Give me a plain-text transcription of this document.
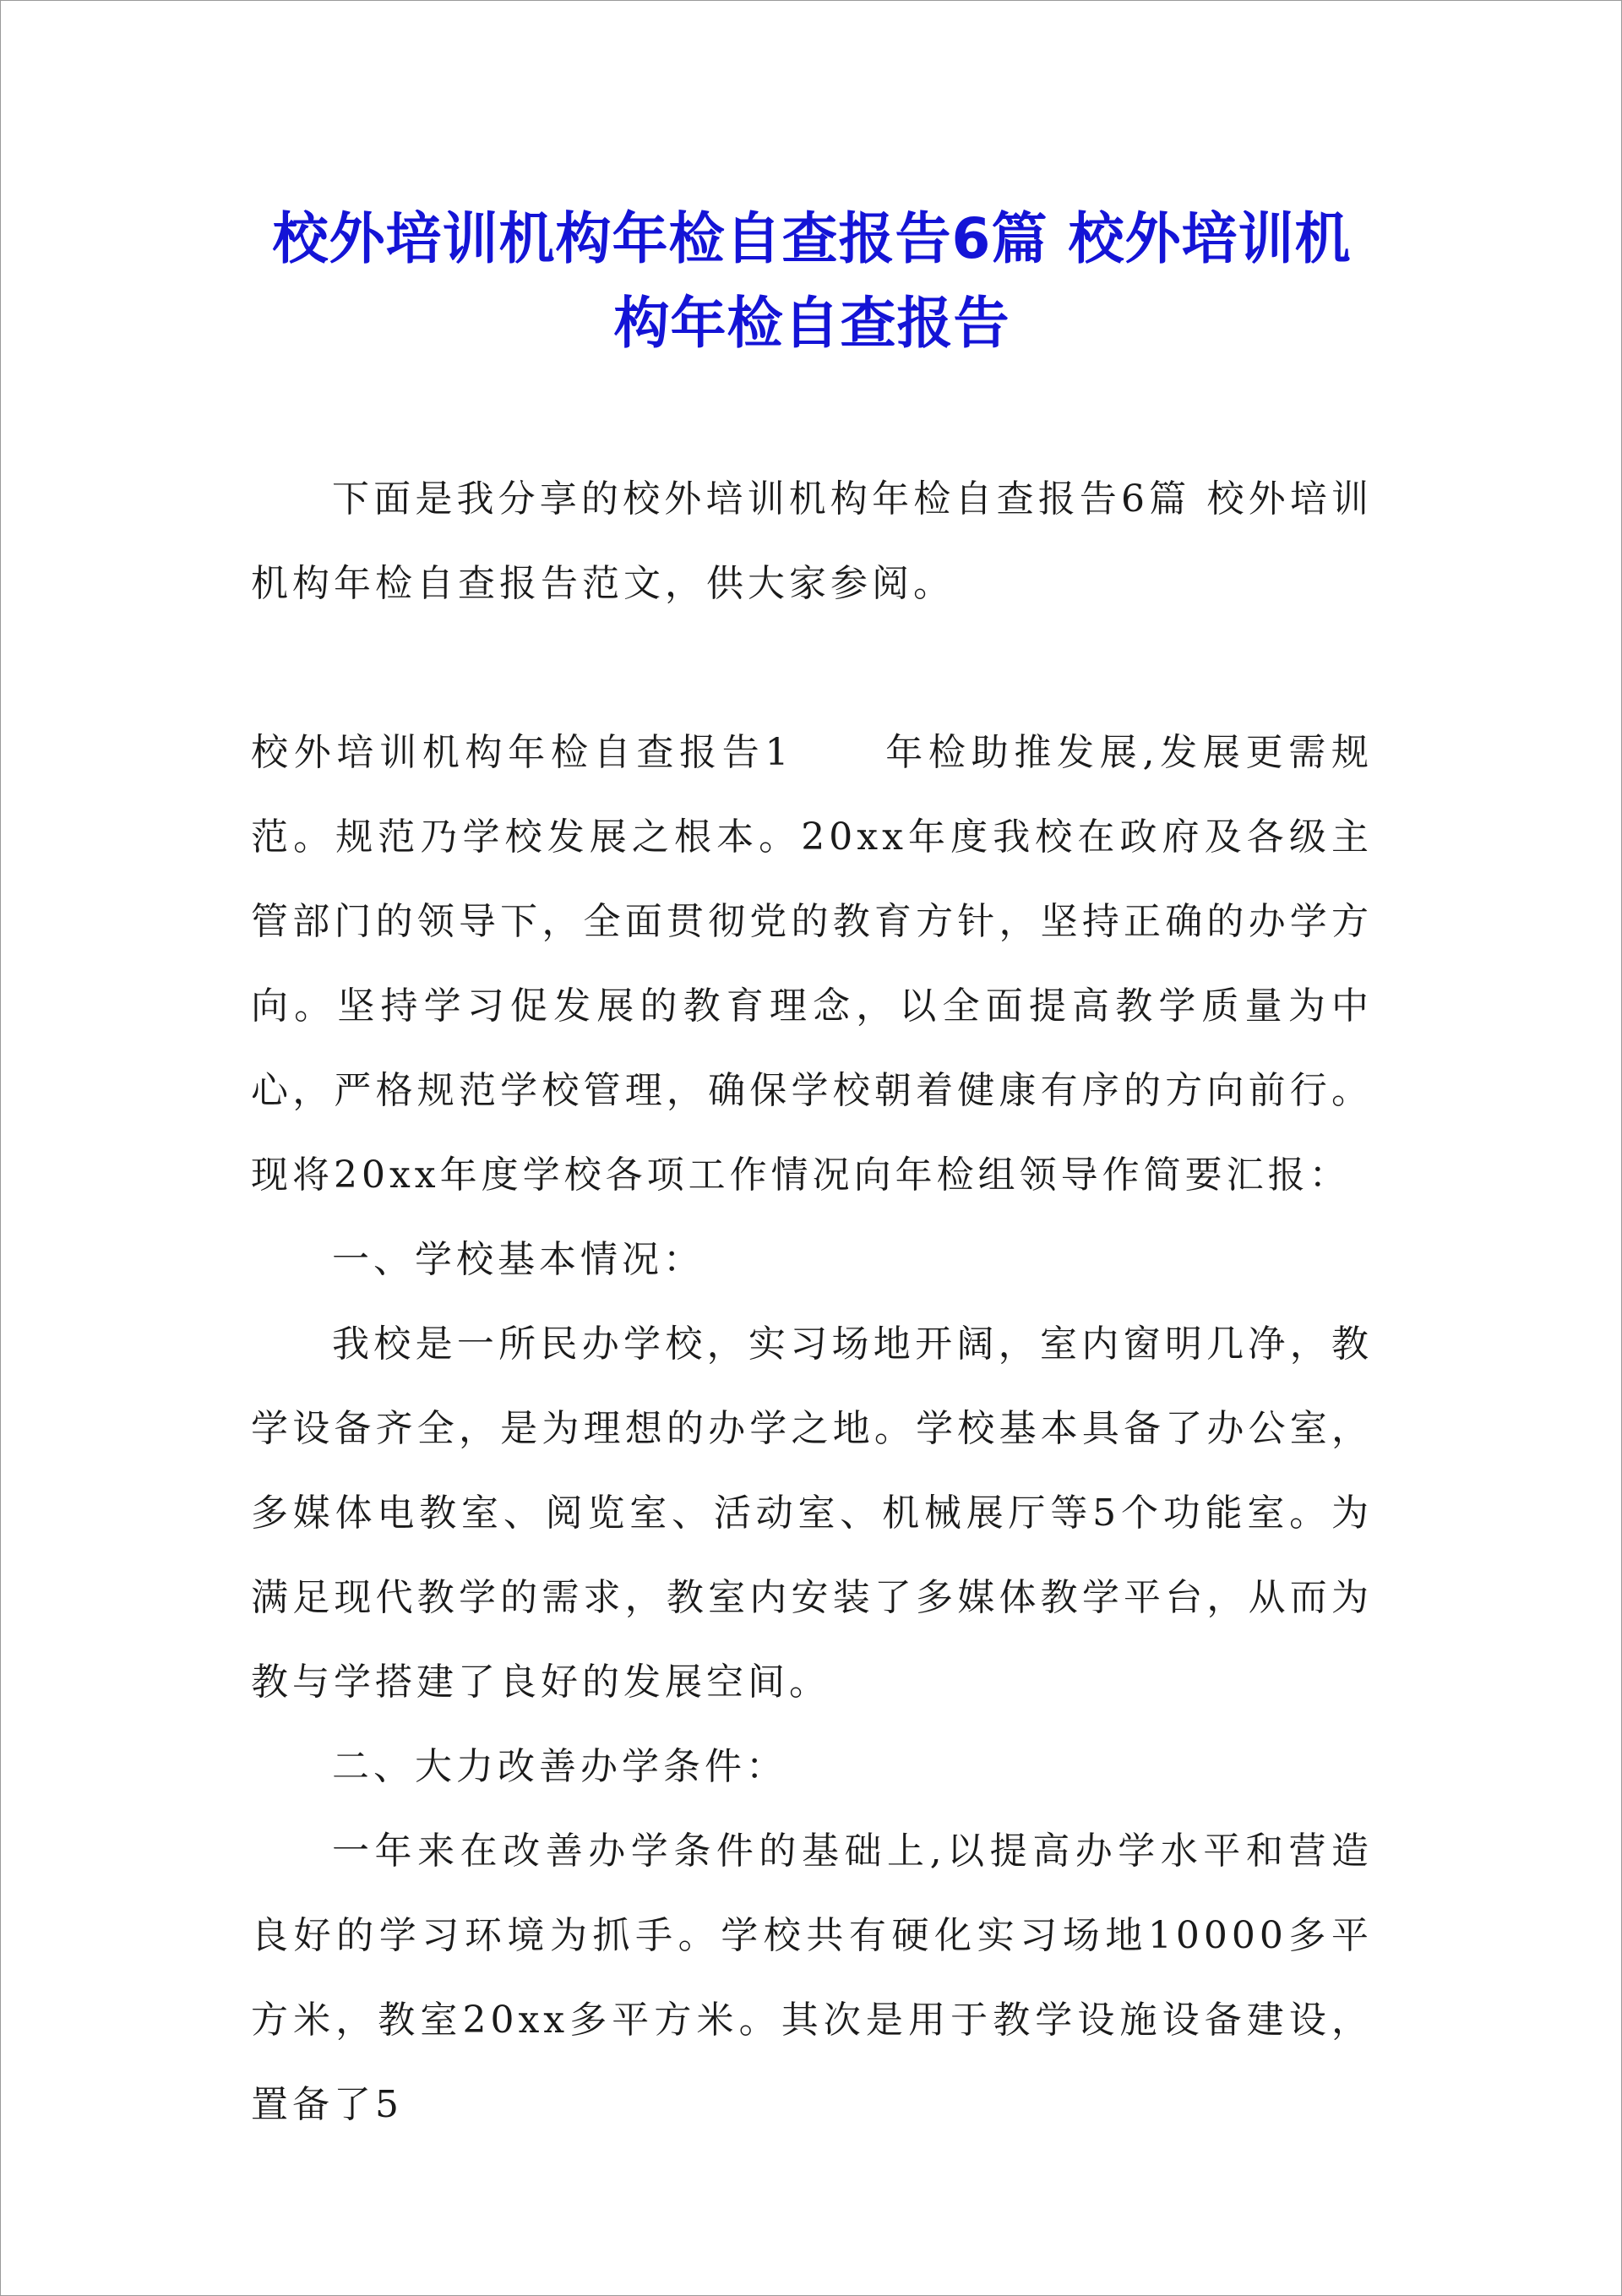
校外培训机构年检自查报告6篇 校外培训机构年检自查报告

下面是我分享的校外培训机构年检自查报告6篇 校外培训机构年检自查报告范文，供大家参阅。

校外培训机构年检自查报告1 年检助推发展,发展更需规范。规范乃学校发展之根本。20xx年度我校在政府及各级主管部门的领导下，全面贯彻党的教育方针，坚持正确的办学方向。坚持学习促发展的教育理念，以全面提高教学质量为中心，严格规范学校管理，确保学校朝着健康有序的方向前行。现将20xx年度学校各项工作情况向年检组领导作简要汇报：

一、学校基本情况：

我校是一所民办学校，实习场地开阔，室内窗明几净，教学设备齐全，是为理想的办学之地。学校基本具备了办公室，多媒体电教室、阅览室、活动室、机械展厅等5个功能室。为满足现代教学的需求，教室内安装了多媒体教学平台，从而为教与学搭建了良好的发展空间。

二、大力改善办学条件：

一年来在改善办学条件的基础上,以提高办学水平和营造良好的学习环境为抓手。学校共有硬化实习场地10000多平方米，教室20xx多平方米。其次是用于教学设施设备建设，置备了5
